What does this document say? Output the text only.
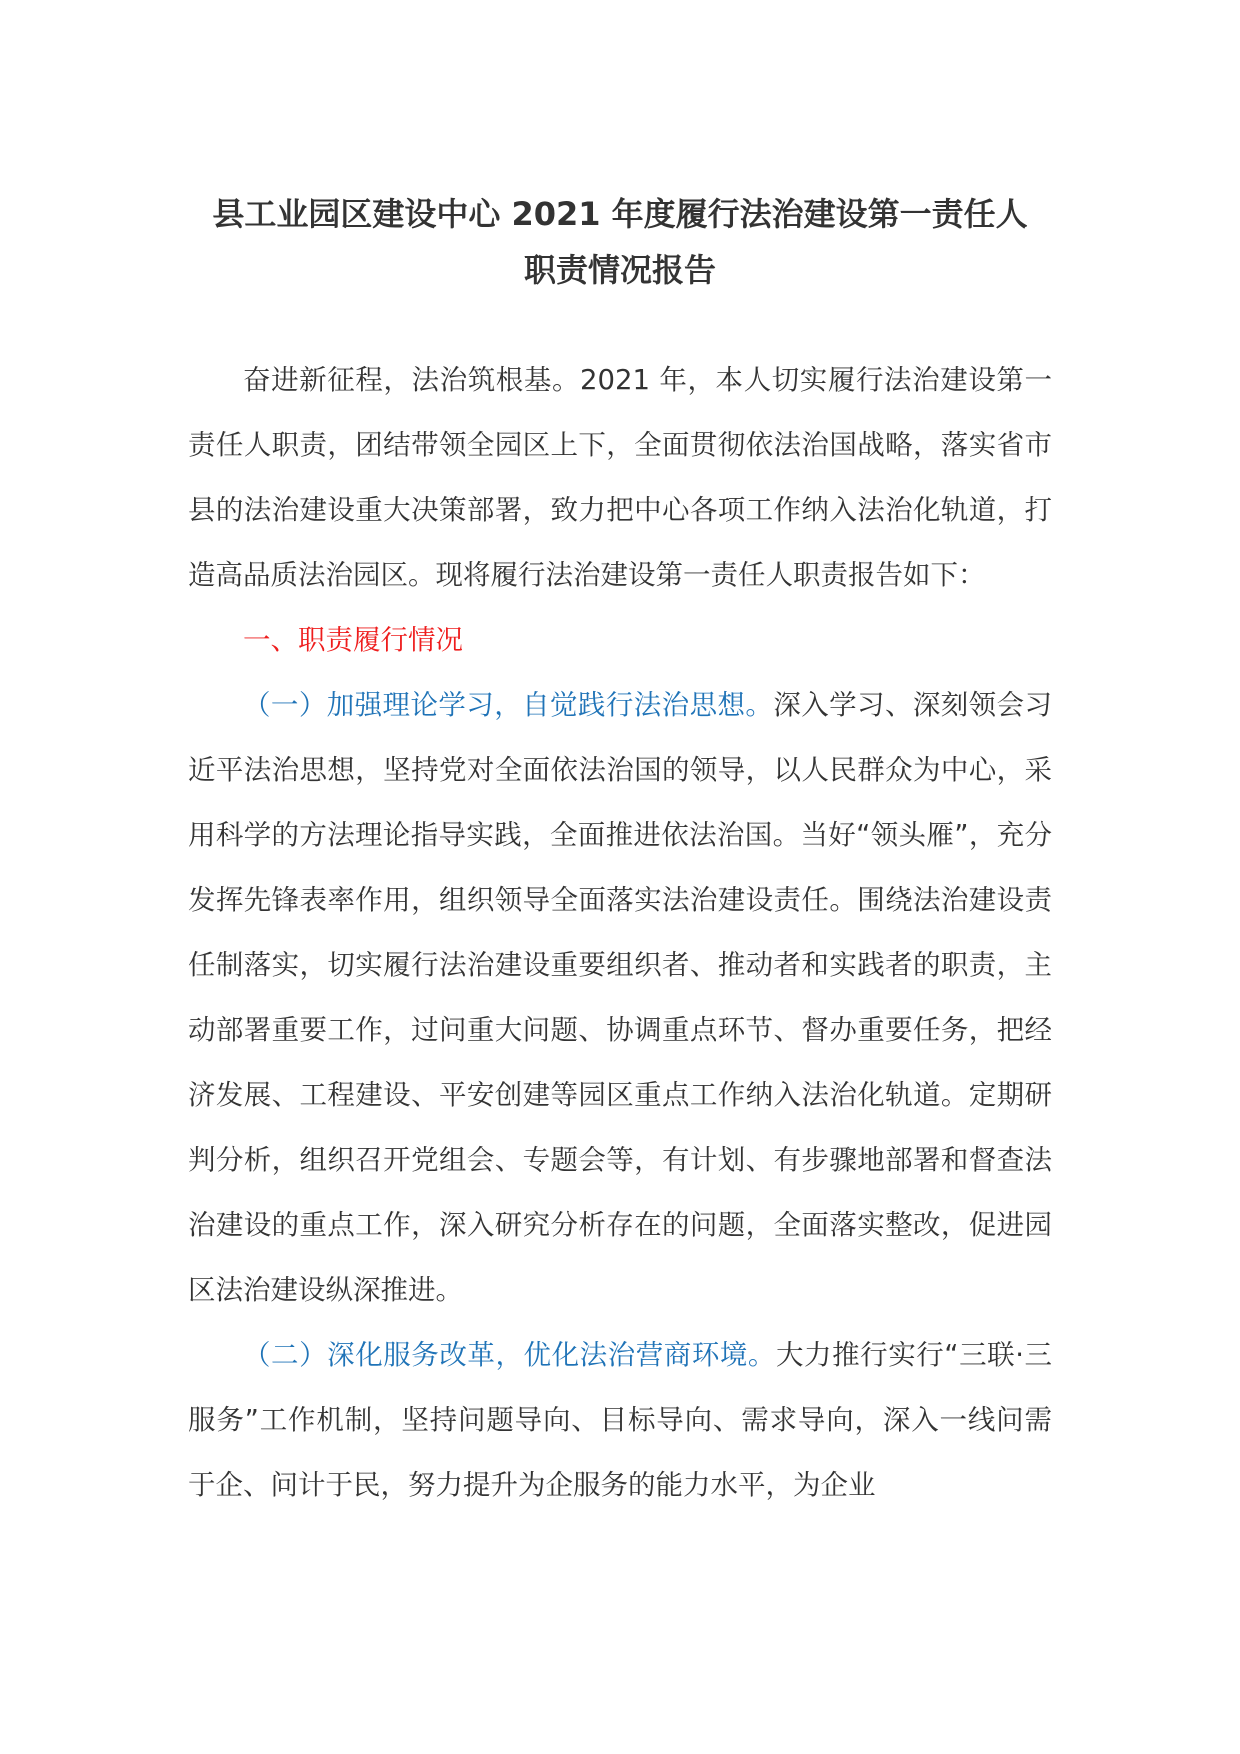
县工业园区建设中心 2021 年度履行法治建设第一责任人
职责情况报告

奋进新征程，法治筑根基。2021 年，本人切实履行法治建设第一责任人职责，团结带领全园区上下，全面贯彻依法治国战略，落实省市县的法治建设重大决策部署，致力把中心各项工作纳入法治化轨道，打造高品质法治园区。现将履行法治建设第一责任人职责报告如下：

一、职责履行情况

（一）加强理论学习，自觉践行法治思想。深入学习、深刻领会习近平法治思想，坚持党对全面依法治国的领导，以人民群众为中心，采用科学的方法理论指导实践，全面推进依法治国。当好“领头雁”，充分发挥先锋表率作用，组织领导全面落实法治建设责任。围绕法治建设责任制落实，切实履行法治建设重要组织者、推动者和实践者的职责，主动部署重要工作，过问重大问题、协调重点环节、督办重要任务，把经济发展、工程建设、平安创建等园区重点工作纳入法治化轨道。定期研判分析，组织召开党组会、专题会等，有计划、有步骤地部署和督查法治建设的重点工作，深入研究分析存在的问题，全面落实整改，促进园区法治建设纵深推进。

（二）深化服务改革，优化法治营商环境。大力推行实行“三联·三服务”工作机制，坚持问题导向、目标导向、需求导向，深入一线问需于企、问计于民，努力提升为企服务的能力水平，为企业
